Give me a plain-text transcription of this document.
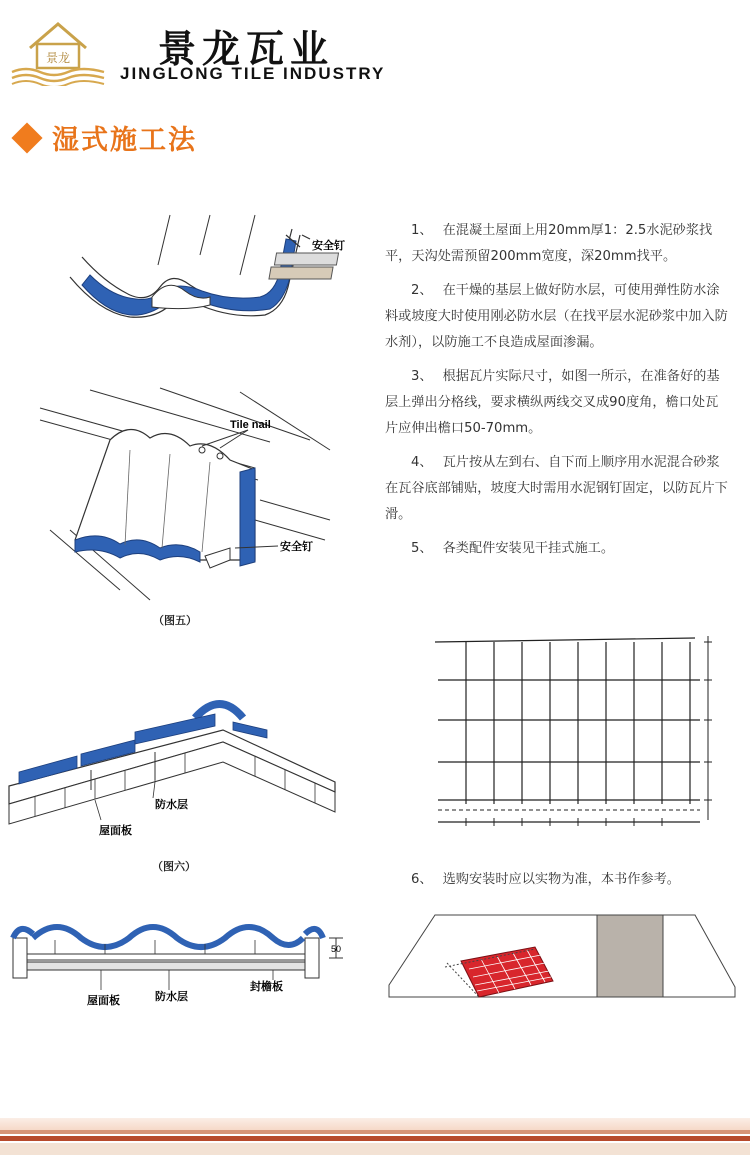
景龙 景龙瓦业
JINGLONG TILE INDUSTRY
湿式施工法
安全钉
Tile nail
安全钉
（图五）
防水层
屋面板
（图六）
50
屋面板	防水层
封檐板

1、 在混凝土屋面上用20mm厚1：2.5水泥砂浆找平，天沟处需预留200mm宽度，深20mm找平。

2、 在干燥的基层上做好防水层，可使用弹性防水涂料或坡度大时使用刚必防水层（在找平层水泥砂浆中加入防水剂），以防施工不良造成屋面渗漏。

3、 根据瓦片实际尺寸，如图一所示，在准备好的基层上弹出分格线，要求横纵两线交叉成90度角，檐口处瓦片应伸出檐口50-70mm。

4、 瓦片按从左到右、自下而上顺序用水泥混合砂浆在瓦谷底部铺贴，坡度大时需用水泥钢钉固定，以防瓦片下滑。

5、 各类配件安装见干挂式施工。

6、 选购安装时应以实物为准，本书作参考。
